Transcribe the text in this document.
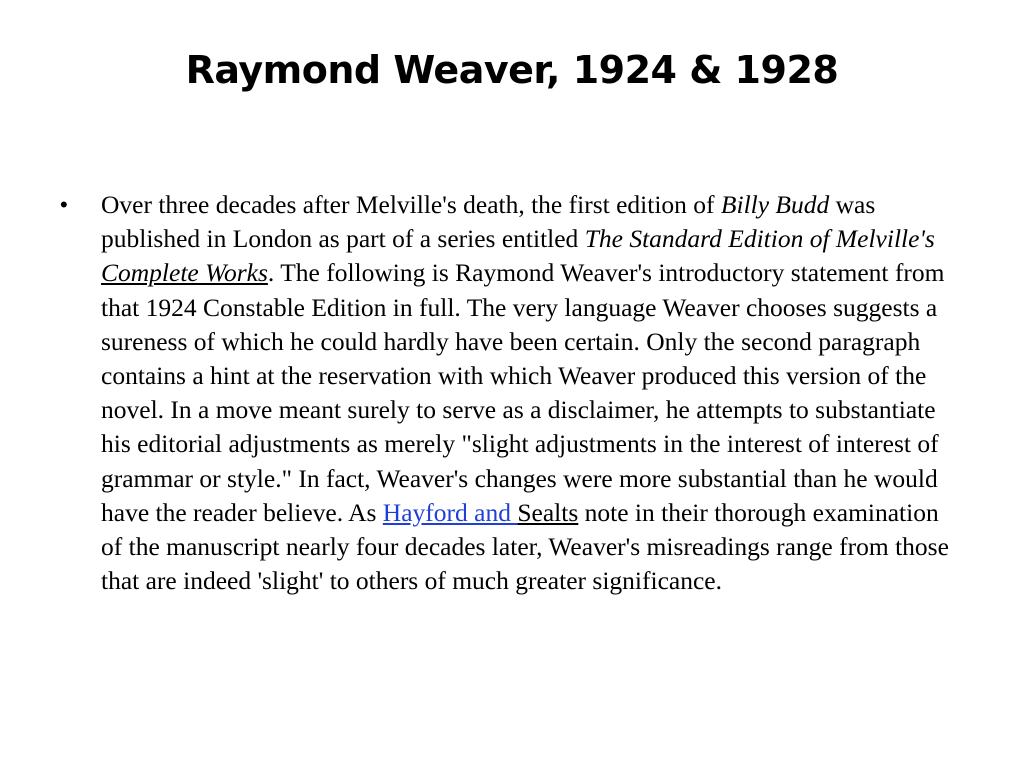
Raymond Weaver, 1924 & 1928
• Over three decades after Melville's death, the first edition of Billy Budd was published in London as part of a series entitled The Standard Edition of Melville's Complete Works. The following is Raymond Weaver's introductory statement from that 1924 Constable Edition in full. The very language Weaver chooses suggests a sureness of which he could hardly have been certain. Only the second paragraph contains a hint at the reservation with which Weaver produced this version of the novel. In a move meant surely to serve as a disclaimer, he attempts to substantiate his editorial adjustments as merely "slight adjustments in the interest of interest of grammar or style." In fact, Weaver's changes were more substantial than he would have the reader believe. As Hayford and Sealts note in their thorough examination of the manuscript nearly four decades later, Weaver's misreadings range from those that are indeed 'slight' to others of much greater significance.
